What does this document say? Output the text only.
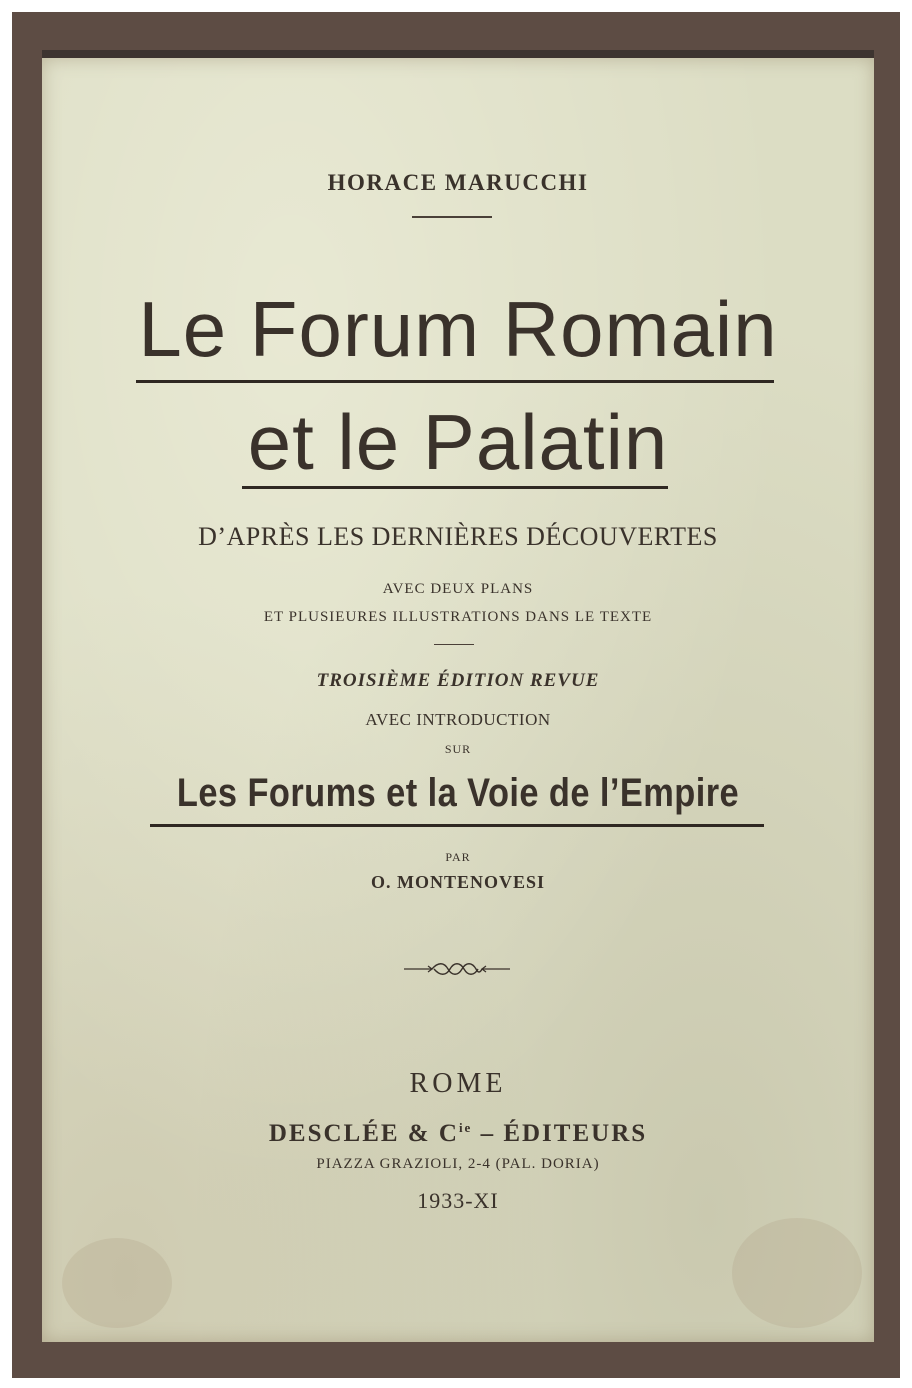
HORACE MARUCCHI
Le Forum Romain
et le Palatin
D’APRÈS LES DERNIÈRES DÉCOUVERTES
AVEC DEUX PLANS
ET PLUSIEURES ILLUSTRATIONS DANS LE TEXTE
TROISIÈME ÉDITION REVUE
AVEC INTRODUCTION
SUR
Les Forums et la Voie de l’Empire
PAR
O. MONTENOVESI
ROME
DESCLÉE & $C^{ie}$ – ÉDITEURS
PIAZZA GRAZIOLI, 2-4 (PAL. DORIA)
1933-XI
